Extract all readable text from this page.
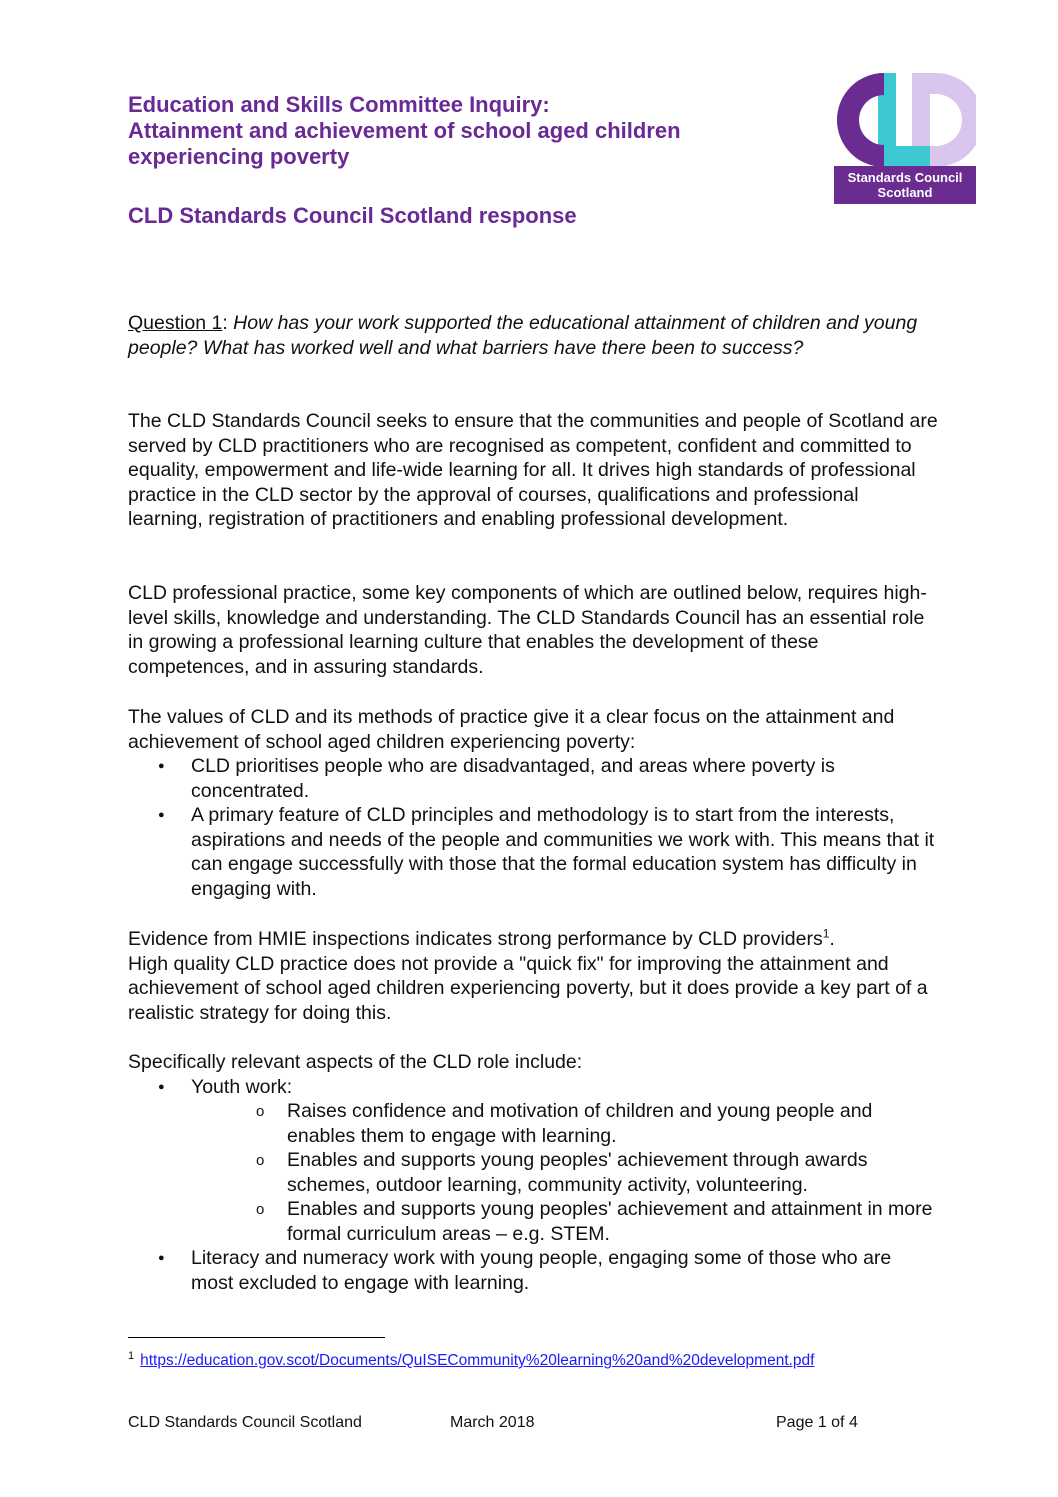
Education and Skills Committee Inquiry:
Attainment and achievement of school aged children
experiencing poverty
CLD Standards Council Scotland response
Standards Council
Scotland

Question 1: How has your work supported the educational attainment of children and young people? What has worked well and what barriers have there been to success?

The CLD Standards Council seeks to ensure that the communities and people of Scotland are served by CLD practitioners who are recognised as competent, confident and committed to equality, empowerment and life-wide learning for all. It drives high standards of professional practice in the CLD sector by the approval of courses, qualifications and professional learning, registration of practitioners and enabling professional development.

CLD professional practice, some key components of which are outlined below, requires high-level skills, knowledge and understanding. The CLD Standards Council has an essential role in growing a professional learning culture that enables the development of these competences, and in assuring standards.

The values of CLD and its methods of practice give it a clear focus on the attainment and achievement of school aged children experiencing poverty:

● CLD prioritises people who are disadvantaged, and areas where poverty is concentrated.
● A primary feature of CLD principles and methodology is to start from the interests, aspirations and needs of the people and communities we work with. This means that it can engage successfully with those that the formal education system has difficulty in engaging with.

Evidence from HMIE inspections indicates strong performance by CLD providers$^1$.
High quality CLD practice does not provide a "quick fix" for improving the attainment and achievement of school aged children experiencing poverty, but it does provide a key part of a realistic strategy for doing this.

Specifically relevant aspects of the CLD role include:

● Youth work:
o Raises confidence and motivation of children and young people and enables them to engage with learning.
o Enables and supports young peoples' achievement through awards schemes, outdoor learning, community activity, volunteering.
o Enables and supports young peoples' achievement and attainment in more formal curriculum areas – e.g. STEM.
● Literacy and numeracy work with young people, engaging some of those who are most excluded to engage with learning.
$^1$ https://education.gov.scot/Documents/QuISECommunity%20learning%20and%20development.pdf
CLD Standards Council Scotland	March 2018	Page 1 of 4
